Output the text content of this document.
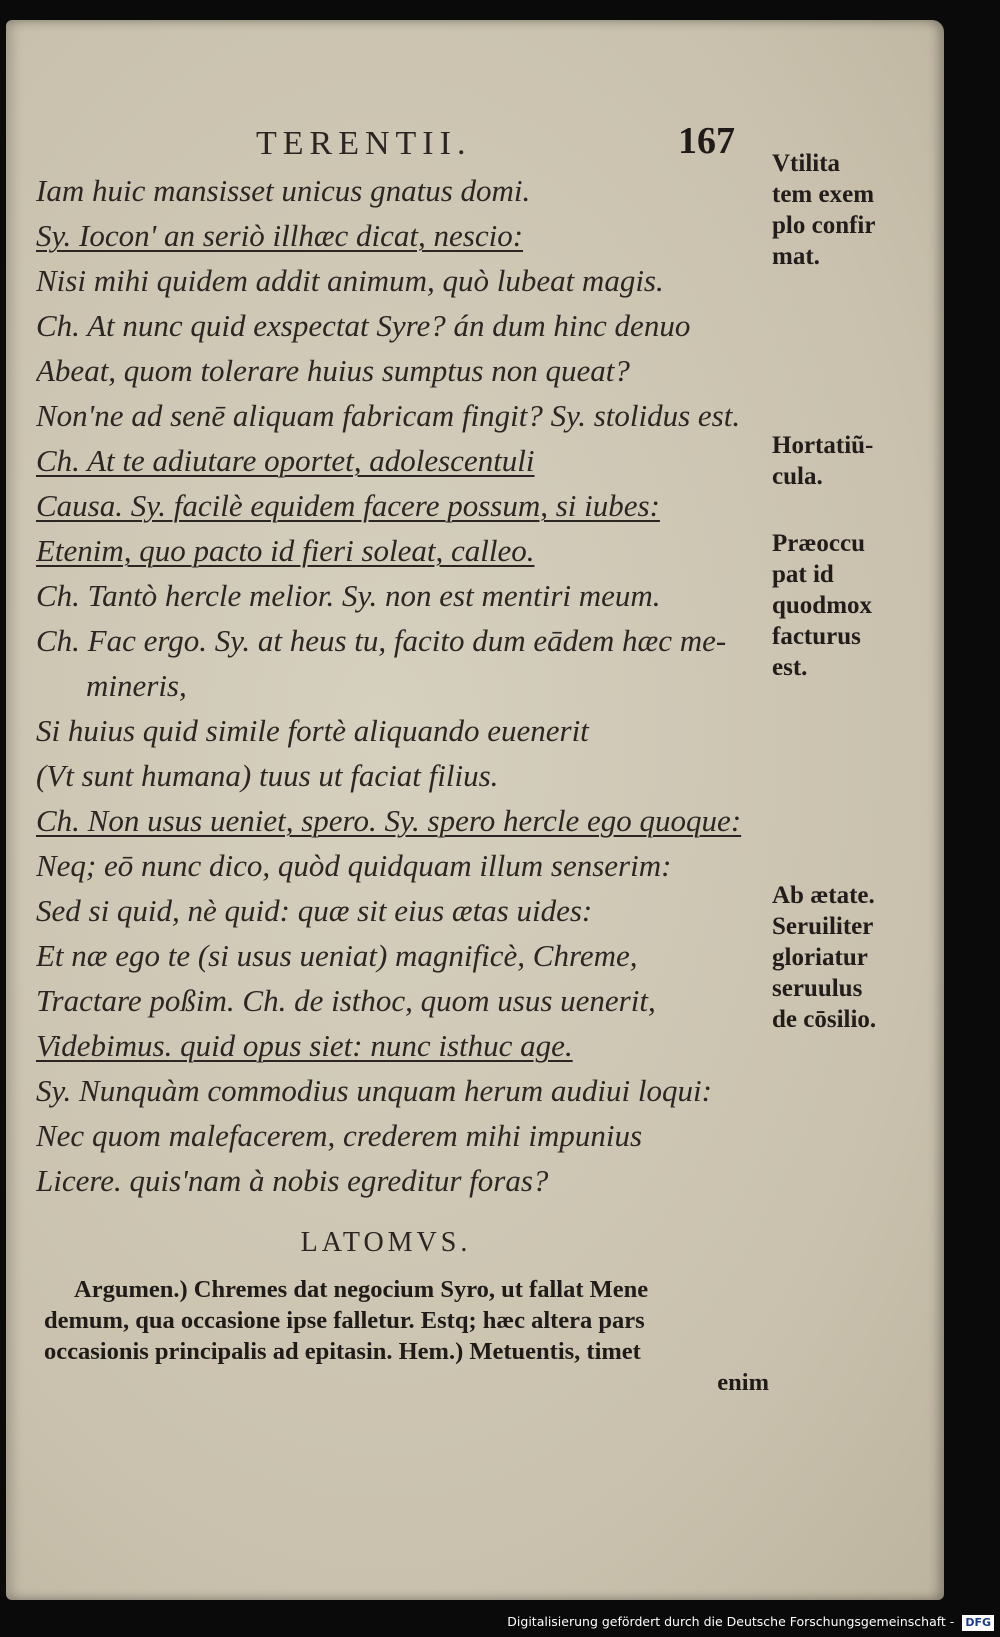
TERENTII.	167
Iam huic mansisset unicus gnatus domi.
Sy. Iocon' an seriò illhæc dicat, nescio:
Nisi mihi quidem addit animum, quò lubeat magis.
Ch. At nunc quid exspectat Syre? án dum hinc denuo
Abeat, quom tolerare huius sumptus non queat?
Non'ne ad senē aliquam fabricam fingit? Sy. stolidus est.
Ch. At te adiutare oportet, adolescentuli
Causa. Sy. facilè equidem facere possum, si iubes:
Etenim, quo pacto id fieri soleat, calleo.
Ch. Tantò hercle melior. Sy. non est mentiri meum.
Ch. Fac ergo. Sy. at heus tu, facito dum eādem hæc me-
mineris,
Si huius quid simile fortè aliquando euenerit
(Vt sunt humana) tuus ut faciat filius.
Ch. Non usus ueniet, spero. Sy. spero hercle ego quoque:
Neq; eō nunc dico, quòd quidquam illum senserim:
Sed si quid, nè quid: quæ sit eius ætas uides:
Et næ ego te (si usus ueniat) magnificè, Chreme,
Tractare poßim. Ch. de isthoc, quom usus uenerit,
Videbimus. quid opus siet: nunc isthuc age.
Sy. Nunquàm commodius unquam herum audiui loqui:
Nec quom malefacerem, crederem mihi impunius
Licere. quis'nam à nobis egreditur foras?
Vtilita
tem exem
plo confir
mat.
Hortatiũ-
cula.
Præoccu
pat id
quodmox
facturus
est.
Ab ætate.
Seruiliter
gloriatur
seruulus
de cōsilio.
LATOMVS.
Argumen.) Chremes dat negocium Syro, ut fallat Mene
demum, qua occasione ipse falletur. Estq; hæc altera pars
occasionis principalis ad epitasin. Hem.) Metuentis, timet
enim
Digitalisierung gefördert durch die Deutsche Forschungsgemeinschaft - DFG
